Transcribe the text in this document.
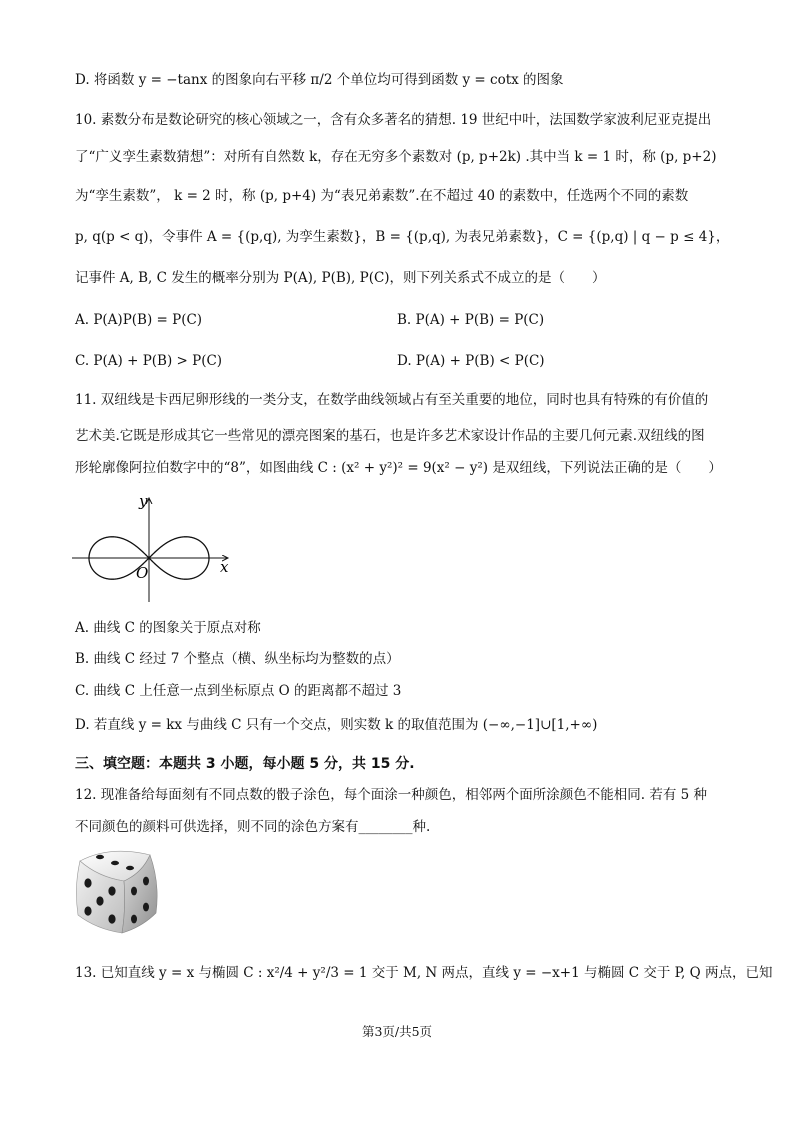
D. 将函数 y = −tanx 的图象向右平移 π/2 个单位均可得到函数 y = cotx 的图象
10. 素数分布是数论研究的核心领域之一，含有众多著名的猜想. 19 世纪中叶，法国数学家波利尼亚克提出
了“广义孪生素数猜想”：对所有自然数 k，存在无穷多个素数对 (p, p+2k) .其中当 k = 1 时，称 (p, p+2)
为“孪生素数”， k = 2 时，称 (p, p+4) 为“表兄弟素数”.在不超过 40 的素数中，任选两个不同的素数
p, q(p < q)，令事件 A = {(p,q), 为孪生素数}，B = {(p,q), 为表兄弟素数}，C = {(p,q) | q − p ≤ 4}，
记事件 A, B, C 发生的概率分别为 P(A), P(B), P(C)，则下列关系式不成立的是（　　）
A. P(A)P(B) = P(C)	B. P(A) + P(B) = P(C)
C. P(A) + P(B) > P(C)	D. P(A) + P(B) < P(C)
11. 双纽线是卡西尼卵形线的一类分支，在数学曲线领域占有至关重要的地位，同时也具有特殊的有价值的
艺术美.它既是形成其它一些常见的漂亮图案的基石，也是许多艺术家设计作品的主要几何元素.双纽线的图
形轮廓像阿拉伯数字中的“8”，如图曲线 C : (x² + y²)² = 9(x² − y²) 是双纽线，下列说法正确的是（　　）
y
x
O
A. 曲线 C 的图象关于原点对称
B. 曲线 C 经过 7 个整点（横、纵坐标均为整数的点）
C. 曲线 C 上任意一点到坐标原点 O 的距离都不超过 3
D. 若直线 y = kx 与曲线 C 只有一个交点，则实数 k 的取值范围为 (−∞,−1]∪[1,+∞)
三、填空题：本题共 3 小题，每小题 5 分，共 15 分.
12. 现准备给每面刻有不同点数的骰子涂色，每个面涂一种颜色，相邻两个面所涂颜色不能相同. 若有 5 种
不同颜色的颜料可供选择，则不同的涂色方案有________种.
13. 已知直线 y = x 与椭圆 C : x²/4 + y²/3 = 1 交于 M, N 两点，直线 y = −x+1 与椭圆 C 交于 P, Q 两点，已知
第3页/共5页
